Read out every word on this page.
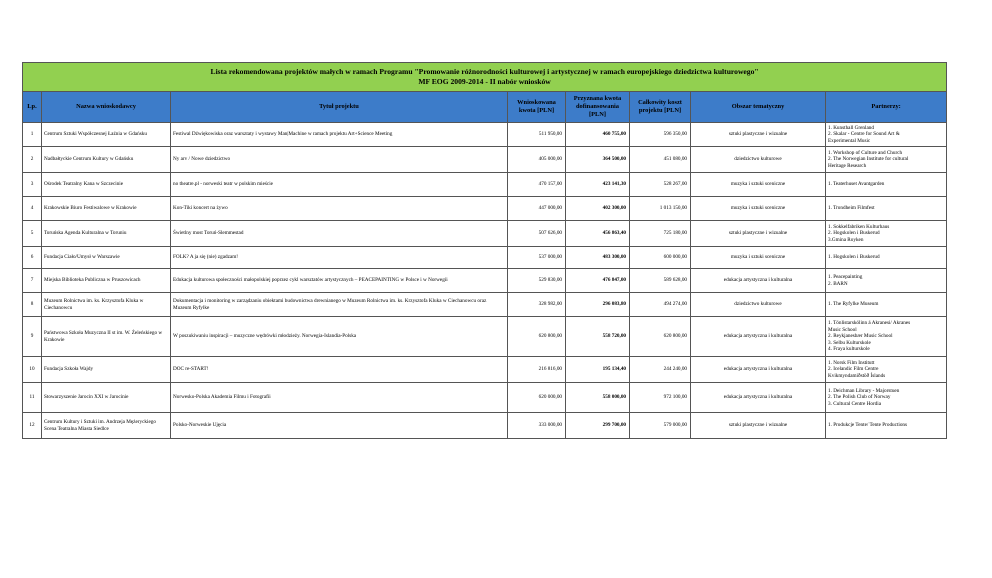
Lista rekomendowana projektów małych w ramach Programu "Promowanie różnorodności kulturowej i artystycznej w ramach europejskiego dziedzictwa kulturowego"
MF EOG 2009-2014 - II nabór wniosków							

Lp.	Nazwa wnioskodawcy	Tytuł projektu	Wnioskowana kwota [PLN]	Przyznana kwota dofinansowania [PLN]	Całkowity koszt projektu [PLN]	Obszar tematyczny	Partnerzy:
1	Centrum Sztuki Współczesnej Łaźnia w Gdańsku	Festiwal Dźwiękowiska oraz warsztaty i wystawy Man|Machine w ramach projektu Art+Science Meeting	511 950,00	460 755,00	596 350,00	sztuki plastyczne i wizualne	1. Kunsthall Grenland
2. Skalar - Centre for Sound Art &
Experimental Music

2	Nadbałtyckie Centrum Kultury w Gdańsku	Ny arv / Nowe dziedzictwo	405 000,00	364 500,00	451 080,00	dziedzictwo kulturowe	1. Workshop of Culture and Church
2. The Norwegian Institute for cultural
Heritage Research

3	Ośrodek Teatralny Kana w Szczecinie	no theatre.pl - norweski teatr w polskim mieście	470 157,00	423 141,30	528 267,00	muzyka i sztuki sceniczne	1. Teaterhuset Avantgarden

4	Krakowskie Biuro Festiwalowe w Krakowie	Kon-Tiki koncert na żywo	447 000,00	402 300,00	1 013 150,00	muzyka i sztuki sceniczne	1. Trondheim Filmfest

5	Toruńska Agenda Kulturalna w Toruniu	Świetlny most Toruń-Slemmestad	507 626,00	456 863,40	725 180,00	sztuki plastyczne i wizualne	1. Sokkelfabriken Kulturhaus
2. Hogskolen i Buskerud
3.Gmina Royken

6	Fundacja Ciało/Umysł w Warszawie	FOLK? A ja się (nie) zgadzam!	537 000,00	483 300,00	600 000,00	muzyka i sztuki sceniczne	1. Hogskolen i Buskerud

7	Miejska Biblioteka Publiczna w Pruszowicach	Edukacja kulturowa społeczności małopolskiej poprzez cykl warsztatów artystycznych – PEACEPAINTING w Polsce i w Norwegii	529 830,00	476 847,00	589 628,00	edukacja artystyczna i kulturalna	1. Peacepainting
2. BARN

8	Muzeum Rolnictwa im. ks. Krzysztofa Kluka w Ciechanowcu	Dokumentacja i monitoring w zarządzaniu obiektami budownictwa drewnianego w Muzeum Rolnictwa im. ks. Krzysztofa Kluka w Ciechanowcu oraz Muzeum Ryfylke	328 982,00	296 083,80	494 274,00	dziedzictwo kulturowe	1. The Ryfylke Museum

9	Państwowa Szkoła Muzyczna II st im. W. Żeleńskiego w Krakowie	W poszukiwaniu inspiracji – muzyczne wędrówki młodzieży. Norwegia-Islandia-Polska	620 800,00	558 720,00	620 800,00	edukacja artystyczna i kulturalna	1. Tónlistarskólinn á Akranesi/ Akranes
Music School
2. Reykjanesbær Music School
3. Selbu Kulturskole
4. Fraya kulturskole

10	Fundacja Szkoła Wajdy	DOC re-START!	216 816,00	195 134,40	244 240,00	edukacja artystyczna i kulturalna	1. Norsk Film Institutt
2. Icelandic Film Centre
Kvikmyndamiðstöð Íslands

11	Stowarzyszenie Jarocin XXI w Jarocinie	Norwesko-Polska Akademia Filmu i Fotografii	620 000,00	558 000,00	972 100,00	edukacja artystyczna i kulturalna	1. Deichman Library - Majorstuen
2. The Polish Club of Norway
3. Cultural Centre Hordia

12	Centrum Kultury i Sztuki im. Andrzeja Mężeryckiego Scena Teatralna Miasta Siedlce	Polsko-Norweskie Ujęcia	333 000,00	299 700,00	579 000,00	sztuki plastyczne i wizualne	1. Produkcje Tente/ Tente Productions
